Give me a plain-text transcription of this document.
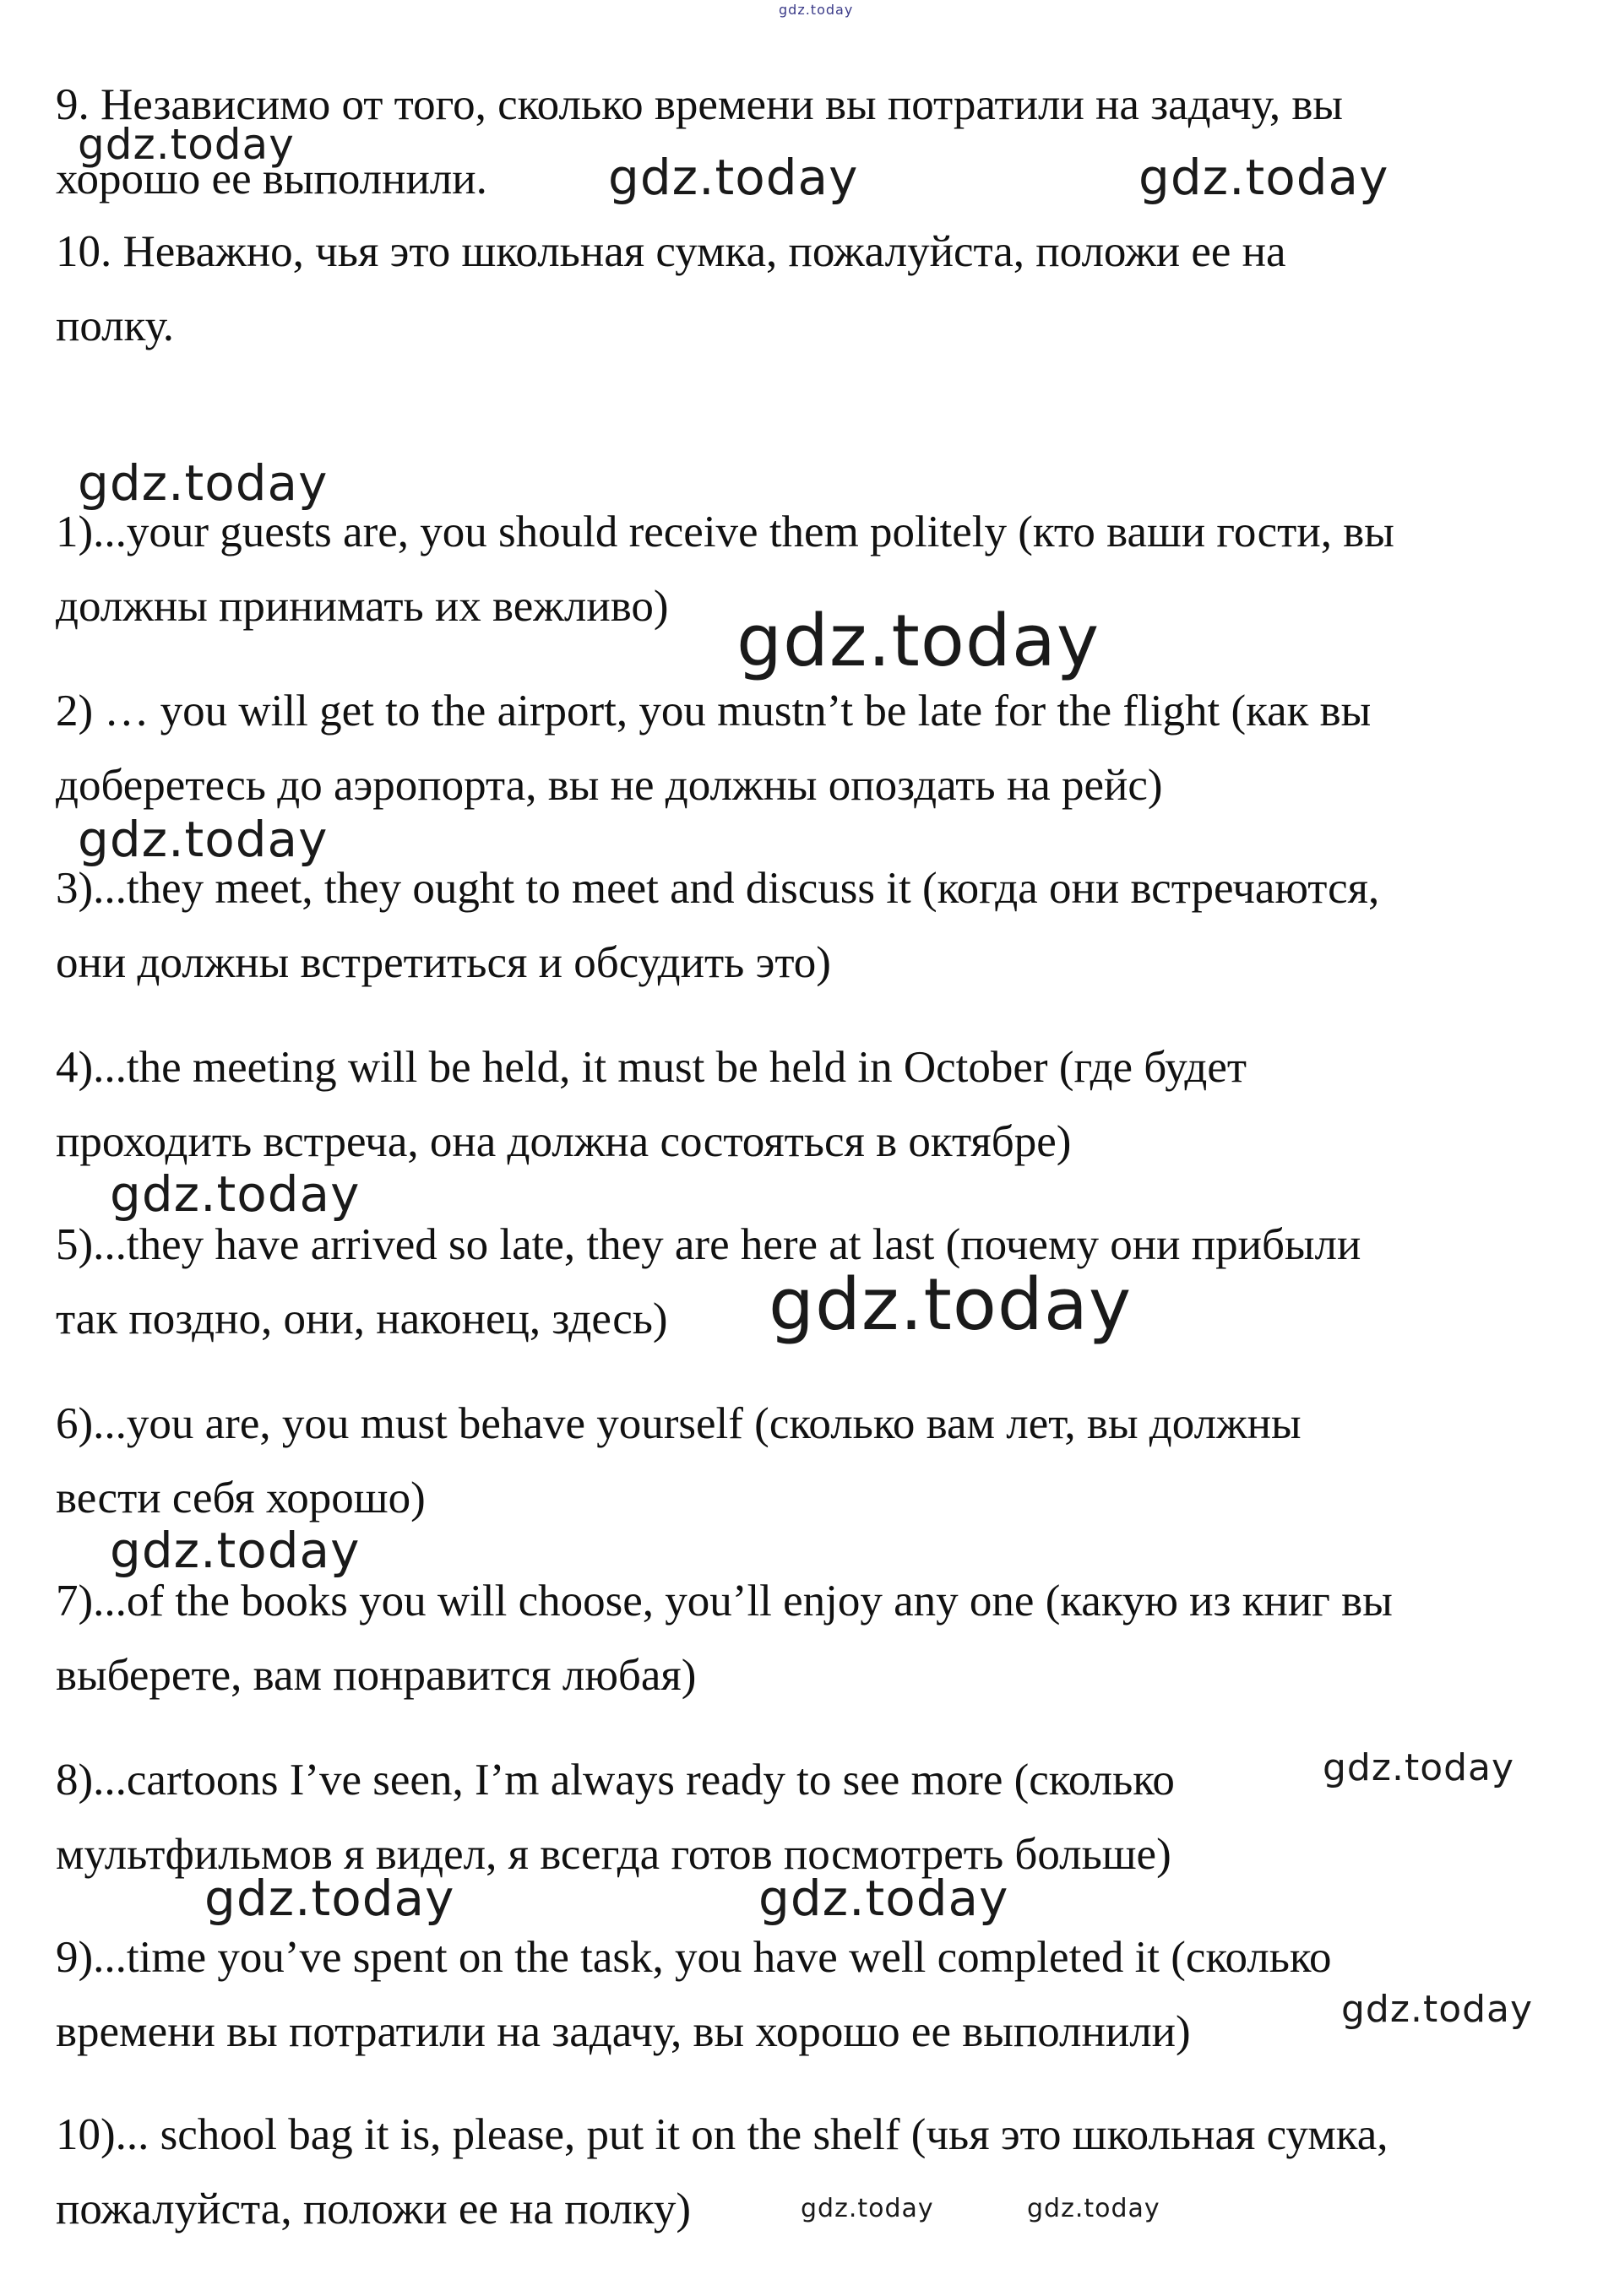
gdz.today
9. Независимо от того, сколько времени вы потратили на задачу, вы
хорошо ее выполнили.
10. Неважно, чья это школьная сумка, пожалуйста, положи ее на
полку.
1)...your guests are, you should receive them politely (кто ваши гости, вы
должны принимать их вежливо)
2) … you will get to the airport, you mustn’t be late for the flight (как вы
доберетесь до аэропорта, вы не должны опоздать на рейс)
3)...they meet, they ought to meet and discuss it (когда они встречаются,
они должны встретиться и обсудить это)
4)...the meeting will be held, it must be held in October (где будет
проходить встреча, она должна состояться в октябре)
5)...they have arrived so late, they are here at last (почему они прибыли
так поздно, они, наконец, здесь)
6)...you are, you must behave yourself (сколько вам лет, вы должны
вести себя хорошо)
7)...of the books you will choose, you’ll enjoy any one (какую из книг вы
выберете, вам понравится любая)
8)...cartoons I’ve seen, I’m always ready to see more (сколько
мультфильмов я видел, я всегда готов посмотреть больше)
9)...time you’ve spent on the task, you have well completed it (сколько
времени вы потратили на задачу, вы хорошо ее выполнили)
10)... school bag it is, please, put it on the shelf (чья это школьная сумка,
пожалуйста, положи ее на полку)
gdz.today
gdz.today	gdz.today
gdz.today
gdz.today
gdz.today
gdz.today
gdz.today
gdz.today
gdz.today
gdz.today	gdz.today
gdz.today
gdz.today	gdz.today
